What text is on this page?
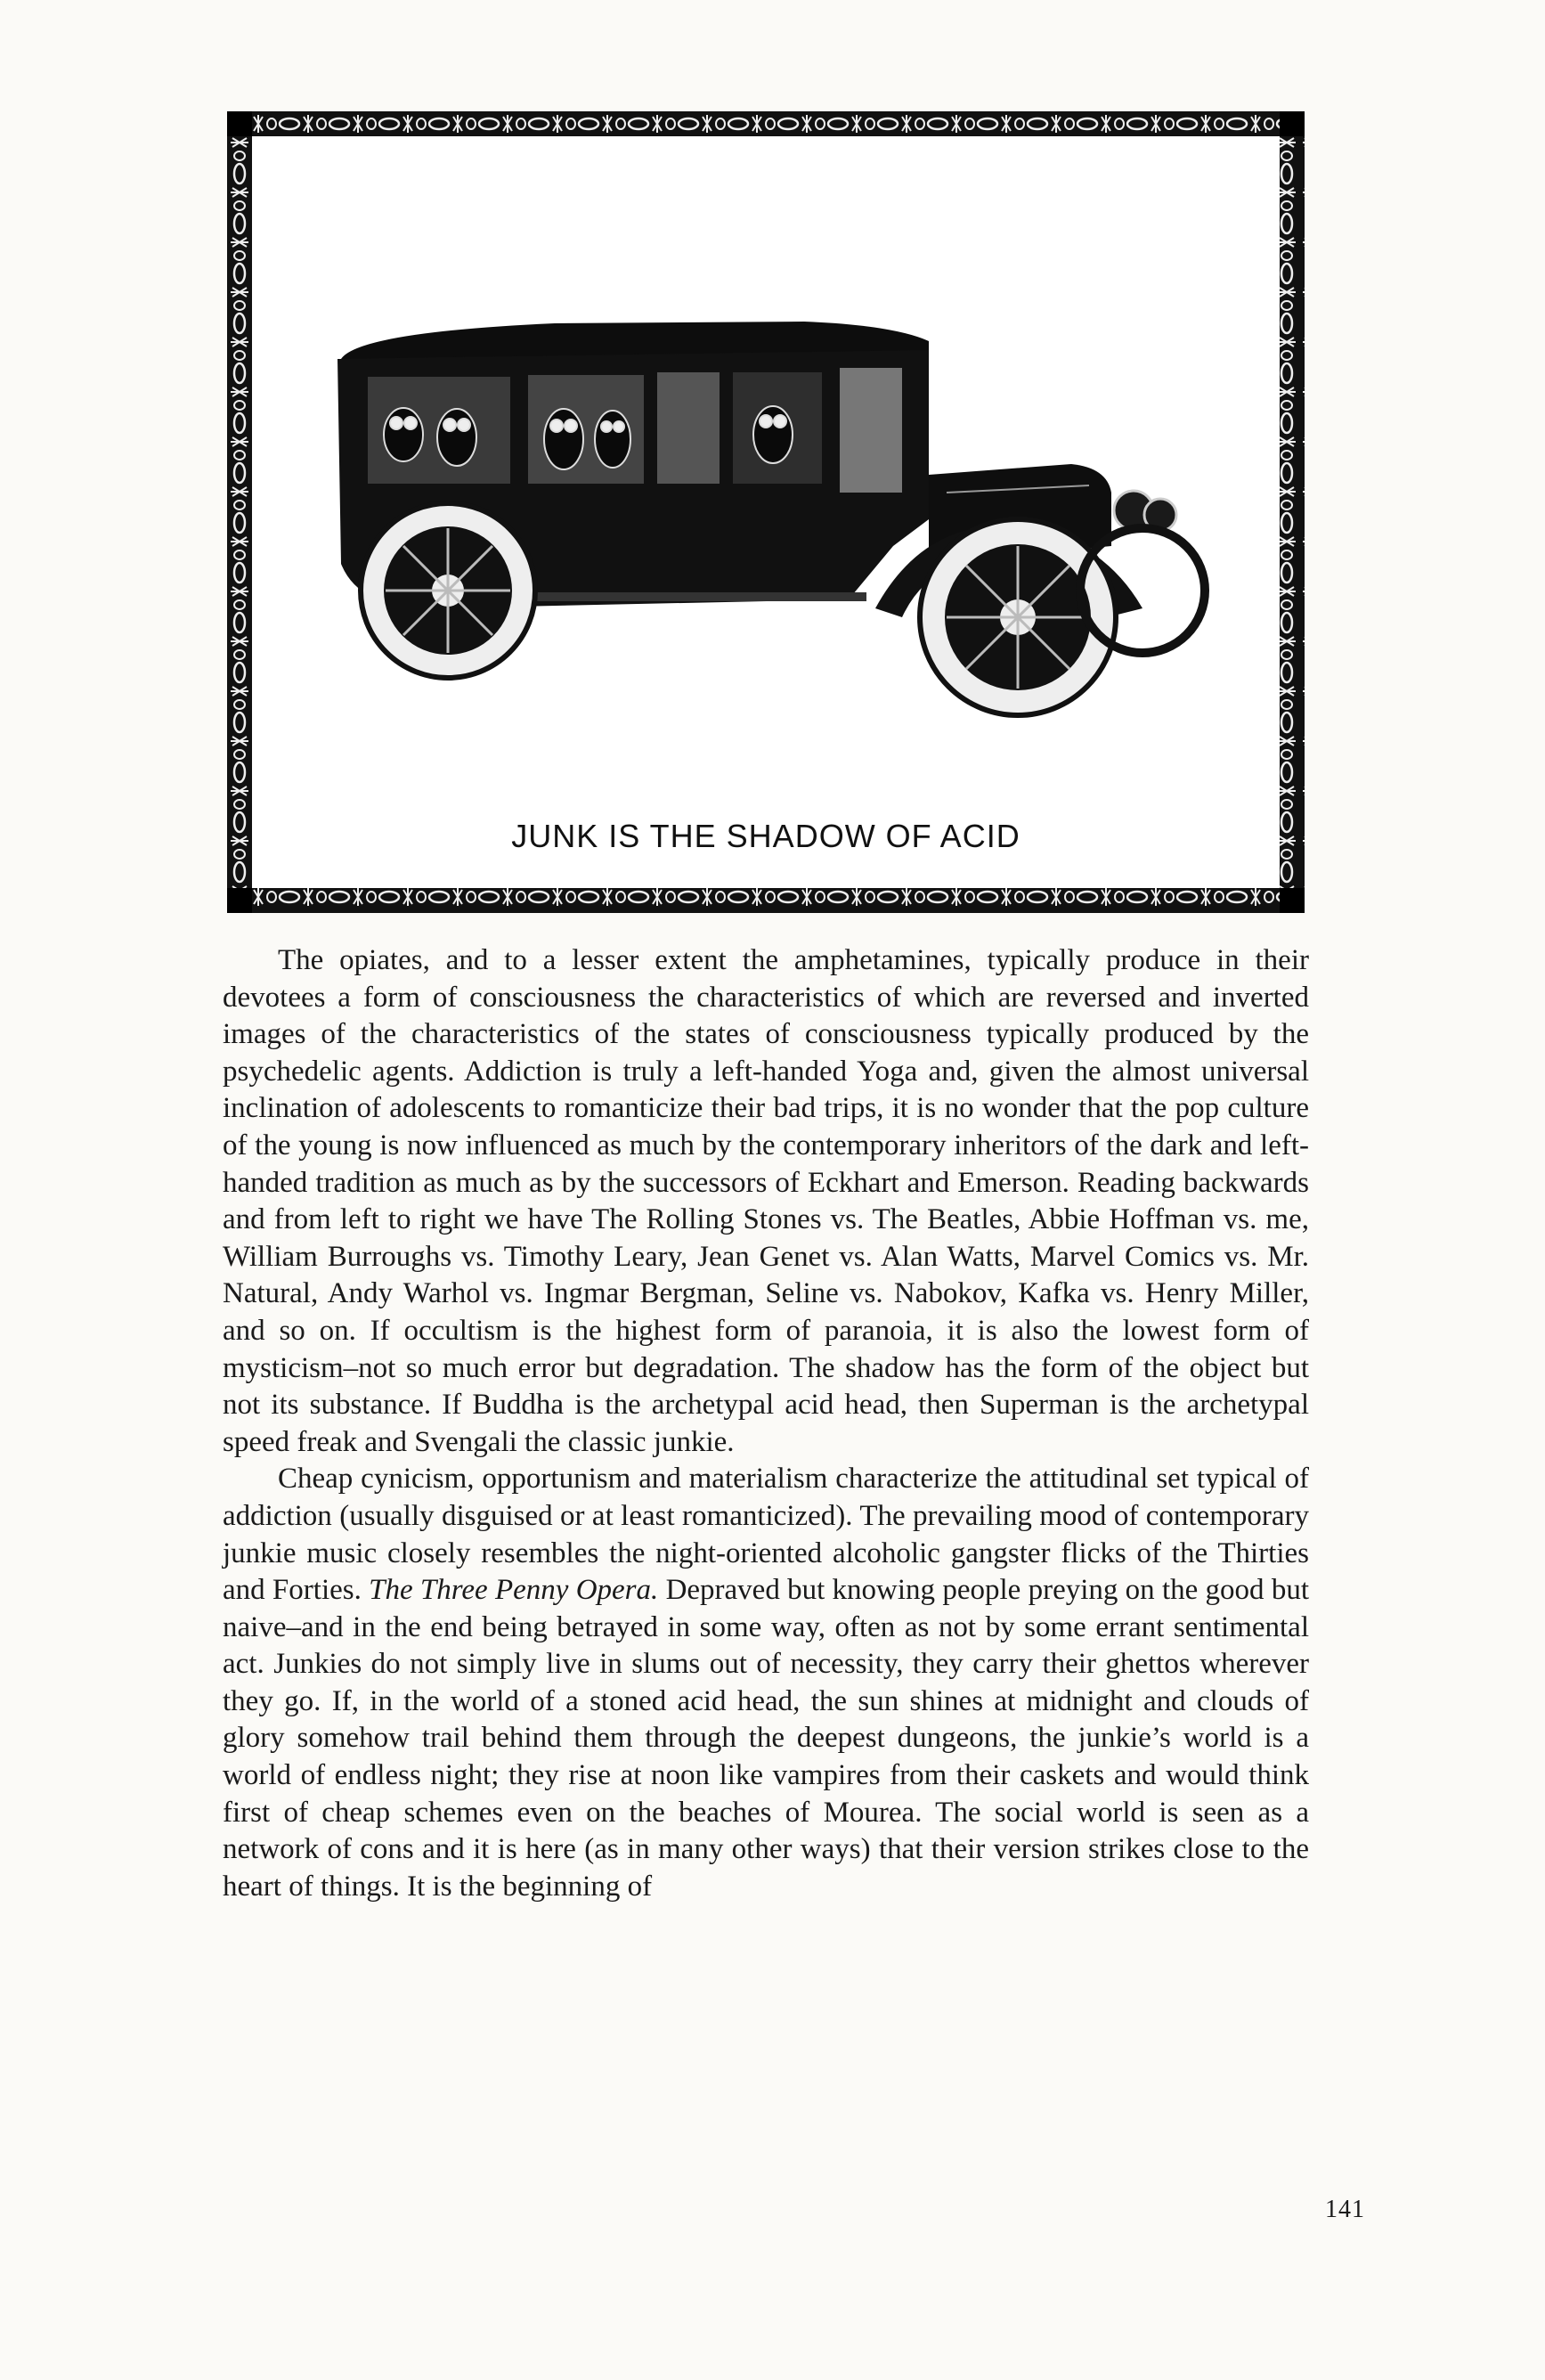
JUNK IS THE SHADOW OF ACID

The opiates, and to a lesser extent the amphetamines, typically produce in their devotees a form of consciousness the characteristics of which are reversed and inverted images of the characteristics of the states of consciousness typically produced by the psychedelic agents. Addiction is truly a left-handed Yoga and, given the almost universal inclination of adolescents to romanticize their bad trips, it is no wonder that the pop culture of the young is now influenced as much by the contemporary inheritors of the dark and left-handed tradition as much as by the successors of Eckhart and Emerson. Reading backwards and from left to right we have The Rolling Stones vs. The Beatles, Abbie Hoffman vs. me, William Burroughs vs. Timothy Leary, Jean Genet vs. Alan Watts, Marvel Comics vs. Mr. Natural, Andy Warhol vs. Ingmar Bergman, Seline vs. Nabokov, Kafka vs. Henry Miller, and so on. If occultism is the highest form of paranoia, it is also the lowest form of mysticism–not so much error but degradation. The shadow has the form of the object but not its substance. If Buddha is the archetypal acid head, then Superman is the archetypal speed freak and Svengali the classic junkie.

Cheap cynicism, opportunism and materialism characterize the attitudinal set typical of addiction (usually disguised or at least romanticized). The prevailing mood of contemporary junkie music closely resembles the night-oriented alcoholic gangster flicks of the Thirties and Forties. The Three Penny Opera. Depraved but knowing people preying on the good but naive–and in the end being betrayed in some way, often as not by some errant sentimental act. Junkies do not simply live in slums out of necessity, they carry their ghettos wherever they go. If, in the world of a stoned acid head, the sun shines at midnight and clouds of glory somehow trail behind them through the deepest dungeons, the junkie’s world is a world of endless night; they rise at noon like vampires from their caskets and would think first of cheap schemes even on the beaches of Mourea. The social world is seen as a network of cons and it is here (as in many other ways) that their version strikes close to the heart of things. It is the beginning of

141
